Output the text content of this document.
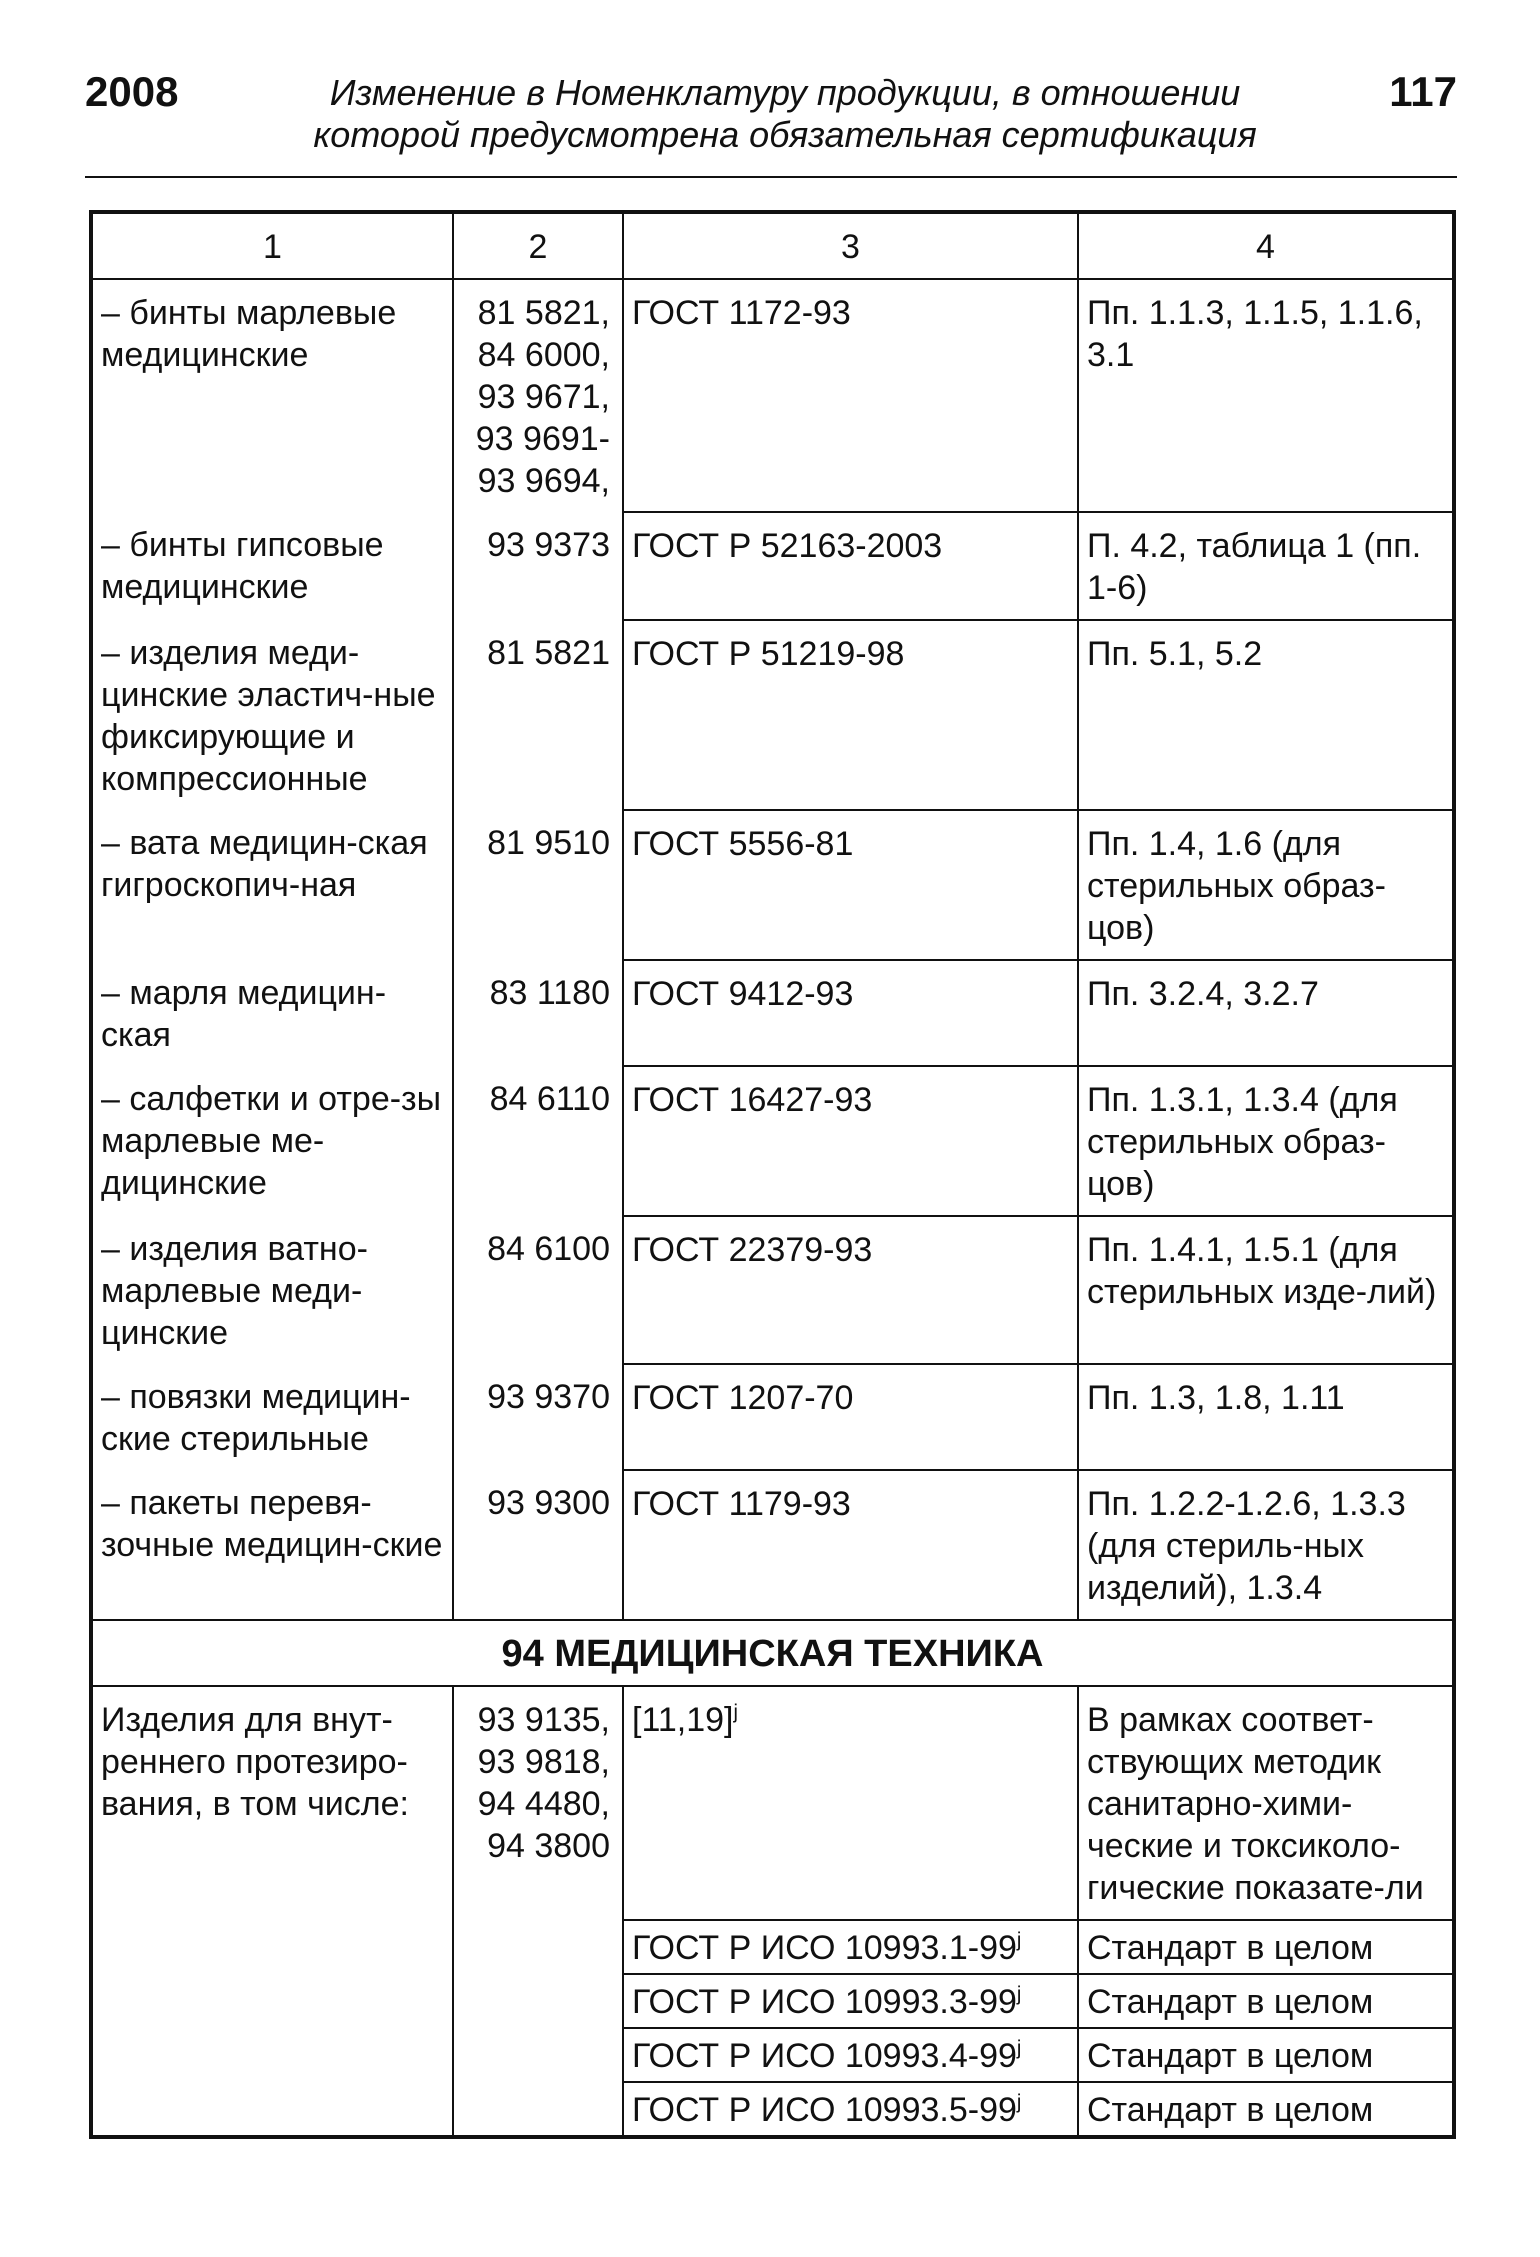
2008	Изменение в Номенклатуру продукции, в отношении
которой предусмотрена обязательная сертификация
117
1	2	3	4
– бинты марлевые медицинские	81 5821, 84 6000, 93 9671, 93 9691- 93 9694,	ГОСТ 1172-93	Пп. 1.1.3, 1.1.5, 1.1.6, 3.1
– бинты гипсовые медицинские	93 9373	ГОСТ Р 52163-2003	П. 4.2, таблица 1 (пп. 1-6)
– изделия меди-цинские эластич-ные фиксирующие и компрессионные	81 5821	ГОСТ Р 51219-98	Пп. 5.1, 5.2
– вата медицин-ская гигроскопич-ная	81 9510	ГОСТ 5556-81	Пп. 1.4, 1.6 (для стерильных образ-цов)
– марля медицин-ская	83 1180	ГОСТ 9412-93	Пп. 3.2.4, 3.2.7
– салфетки и отре-зы марлевые ме-дицинские	84 6110	ГОСТ 16427-93	Пп. 1.3.1, 1.3.4 (для стерильных образ-цов)
– изделия ватно-марлевые меди-цинские	84 6100	ГОСТ 22379-93	Пп. 1.4.1, 1.5.1 (для стерильных изде-лий)
– повязки медицин-ские стерильные	93 9370	ГОСТ 1207-70	Пп. 1.3, 1.8, 1.11
– пакеты перевя-зочные медицин-ские	93 9300	ГОСТ 1179-93	Пп. 1.2.2-1.2.6, 1.3.3 (для стериль-ных изделий), 1.3.4
94 МЕДИЦИНСКАЯ ТЕХНИКА			
Изделия для внут-реннего протезиро-вания, в том числе:	93 9135, 93 9818, 94 4480, 94 3800	$[11,19]^j$	В рамках соответ-ствующих методик санитарно-хими-ческие и токсиколо-гические показате-ли
		ГОСТ Р ИСО 10993.1-99$^j$	Стандарт в целом
		ГОСТ Р ИСО 10993.3-99$^j$	Стандарт в целом
		ГОСТ Р ИСО 10993.4-99$^j$	Стандарт в целом
		ГОСТ Р ИСО 10993.5-99$^j$	Стандарт в целом
